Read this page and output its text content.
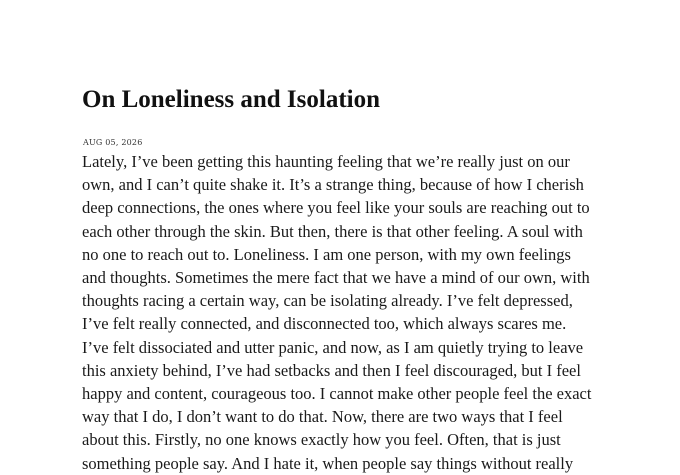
On Loneliness and Isolation
AUG 05, 2026
Lately, I’ve been getting this haunting feeling that we’re really just on our
own, and I can’t quite shake it. It’s a strange thing, because of how I cherish
deep connections, the ones where you feel like your souls are reaching out to
each other through the skin. But then, there is that other feeling. A soul with
no one to reach out to. Loneliness. I am one person, with my own feelings
and thoughts. Sometimes the mere fact that we have a mind of our own, with
thoughts racing a certain way, can be isolating already. I’ve felt depressed,
I’ve felt really connected, and disconnected too, which always scares me.
I’ve felt dissociated and utter panic, and now, as I am quietly trying to leave
this anxiety behind, I’ve had setbacks and then I feel discouraged, but I feel
happy and content, courageous too. I cannot make other people feel the exact
way that I do, I don’t want to do that. Now, there are two ways that I feel
about this. Firstly, no one knows exactly how you feel. Often, that is just
something people say. And I hate it, when people say things without really
